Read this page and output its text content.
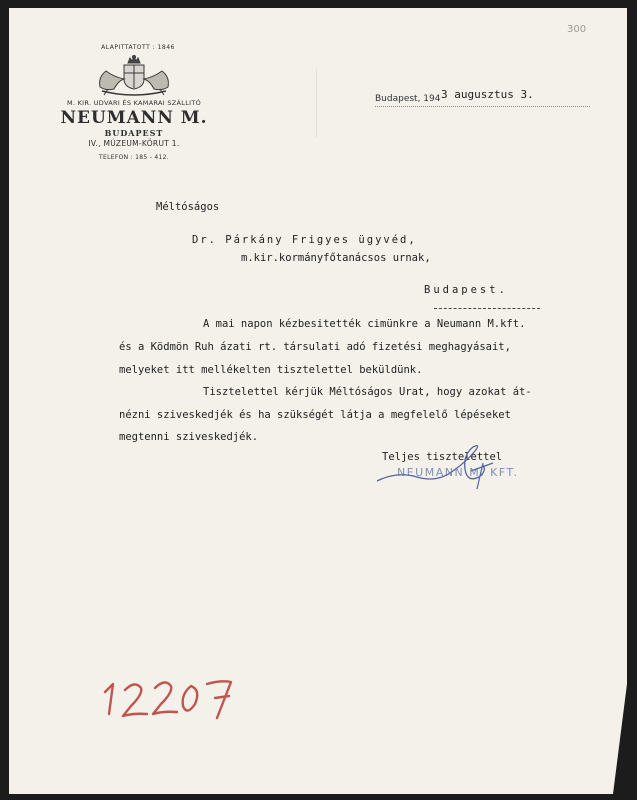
300
ALAPITTATOTT : 1846
M. KIR. UDVARI ÉS KAMARAI SZÁLLITÓ
NEUMANN M.
BUDAPEST
IV., MÚZEUM-KÖRUT 1.
TELEFON : 185 - 412.
Budapest, 194 3 augusztus 3.
Méltóságos
Dr. Párkány Frigyes ügyvéd,
m.kir.kormányfőtanácsos urnak,
Budapest.
A mai napon kézbesitették cimünkre a Neumann M.kft.
és a Ködmön Ruh ázati rt. társulati adó fizetési meghagyásait,
melyeket itt mellékelten tisztelettel beküldünk.
Tisztelettel kérjük Méltóságos Urat, hogy azokat át-
nézni sziveskedjék és ha szükségét látja a megfelelő lépéseket
megtenni sziveskedjék.
Teljes tisztelettel
NEUMANN M. KFT.
